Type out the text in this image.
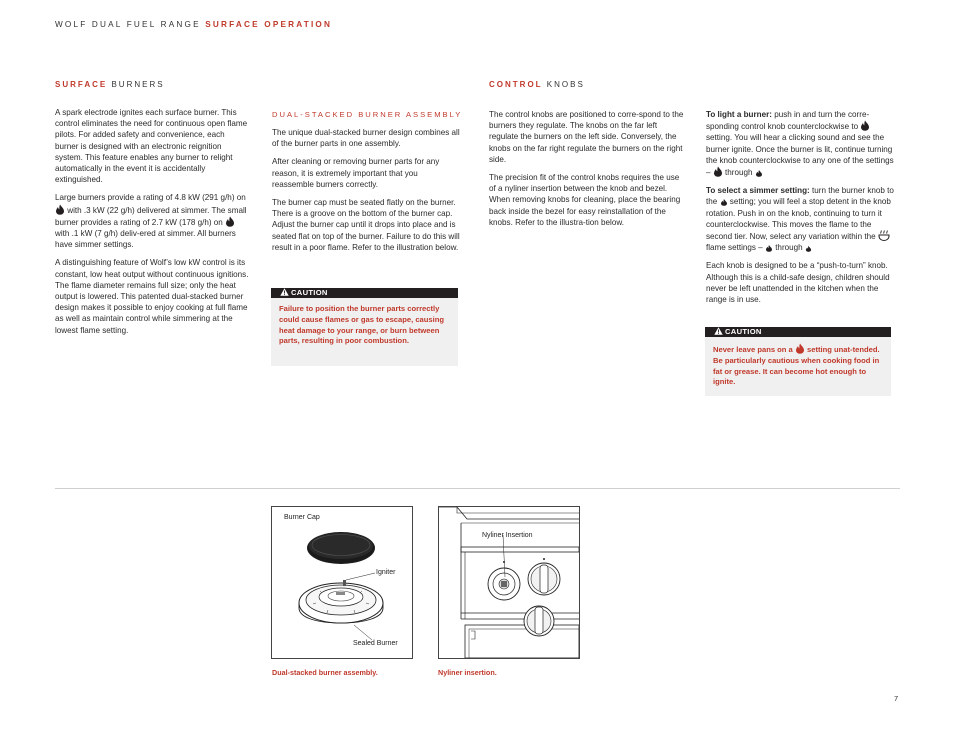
WOLF DUAL FUEL RANGE SURFACE OPERATION
SURFACE BURNERS	CONTROL KNOBS

A spark electrode ignites each surface burner. This control eliminates the need for continuous open flame pilots. For added safety and convenience, each burner is designed with an electronic reignition system. This feature enables any burner to relight automatically in the event it is accidentally extinguished.

Large burners provide a rating of 4.8 kW (291 g/h) on  with .3 kW (22 g/h) delivered at simmer. The small burner provides a rating of 2.7 kW (178 g/h) on  with .1 kW (7 g/h) deliv-ered at simmer. All burners have simmer settings.

A distinguishing feature of Wolf’s low kW control is its constant, low heat output without continuous ignitions. The flame diameter remains full size; only the heat output is lowered. This patented dual-stacked burner design makes it possible to enjoy cooking at full flame as well as maintain control while simmering at the lowest flame setting.

DUAL-STACKED BURNER ASSEMBLY

The unique dual-stacked burner design combines all of the burner parts in one assembly.

After cleaning or removing burner parts for any reason, it is extremely important that you reassemble burners correctly.

The burner cap must be seated flatly on the burner. There is a groove on the bottom of the burner cap. Adjust the burner cap until it drops into place and is seated flat on top of the burner. Failure to do this will result in a poor flame. Refer to the illustration below.

CAUTION
Failure to position the burner parts correctly could cause flames or gas to escape, causing heat damage to your range, or burn between parts, resulting in poor combustion.

The control knobs are positioned to corre-spond to the burners they regulate. The knobs on the far left regulate the burners on the left side. Conversely, the knobs on the far right regulate the burners on the right side.

The precision fit of the control knobs requires the use of a nyliner insertion between the knob and bezel. When removing knobs for cleaning, place the bearing back inside the bezel for easy reinstallation of the knobs. Refer to the illustra-tion below.

To light a burner: push in and turn the corre-sponding control knob counterclockwise to  setting. You will hear a clicking sound and see the burner ignite. Once the burner is lit, continue turning the knob counterclockwise to any one of the settings – through

To select a simmer setting: turn the burner knob to the setting; you will feel a stop detent in the knob rotation. Push in on the knob, continuing to turn it counterclockwise. This moves the flame to the second tier. Now, select any variation within the  flame settings – through

Each knob is designed to be a “push-to-turn” knob. Although this is a child-safe design, children should never be left unattended in the kitchen when the range is in use.

CAUTION
Never leave pans on a setting unat-tended. Be particularly cautious when cooking food in fat or grease. It can become hot enough to ignite.
Burner Cap
Igniter
Sealed Burner
Dual-stacked burner assembly.
Nyliner Insertion
Nyliner insertion.
7
